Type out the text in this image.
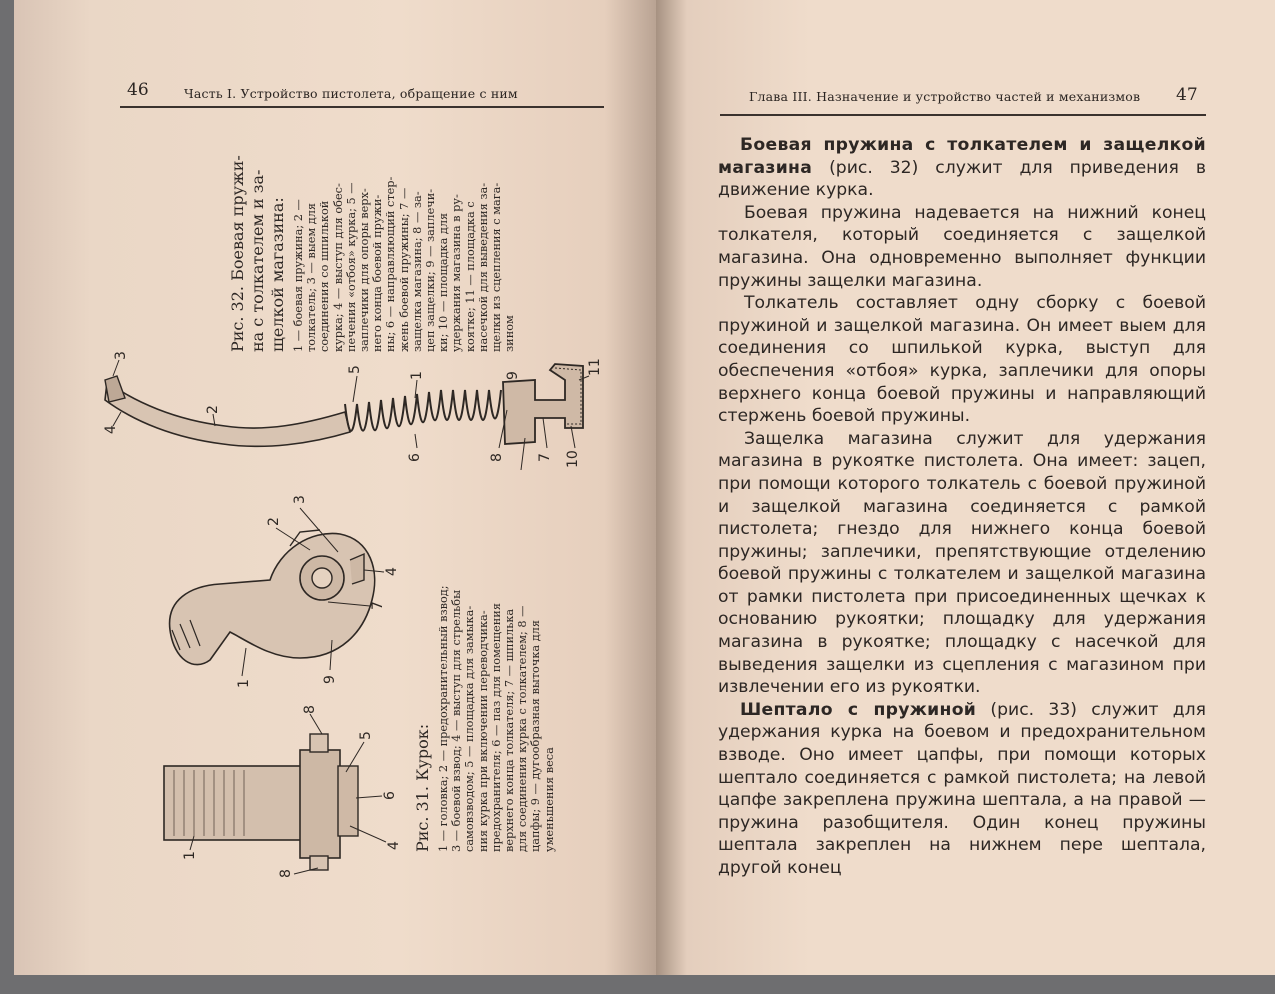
46	Часть I. Устройство пистолета, обращение с ним
3
4
2
5
1
6	8 7 10
9	11
Рис. 32. Боевая пружи- на с толкателем и за- щелкой магазина: 1 — боевая пружина; 2 — толкатель; 3 — выем для соединения со шпилькой курка; 4 — выступ для обес- печения «отбоя» курка; 5 — заплечики для опоры верх- него конца боевой пружи- ны; 6 — направляющий стер- жень боевой пружины; 7 — защелка магазина; 8 — за- цеп защелки; 9 — заплечи- ки; 10 — площадка для удержания магазина в ру- коятке; 11 — площадка с насечкой для выведения за- щелки из сцепления с мага- зином
1
2
3
4
7
9
1
8
5
6
4
8
Рис. 31. Курок: 1 — головка; 2 — предохранительный взвод; 3 — боевой взвод; 4 — выступ для стрельбы самовзводом; 5 — площадка для замыка- ния курка при включении переводчика- предохранителя; 6 — паз для помещения верхнего конца толкателя; 7 — шпилька для соединения курка с толкателем; 8 — цапфы; 9 — дугообразная выточка для уменьшения веса
Глава III. Назначение и устройство частей и механизмов 47

Боевая пружина с толкателем и защелкой магазина (рис. 32) служит для приведения в движение курка.

Боевая пружина надевается на нижний конец толкателя, который соединяется с защелкой магазина. Она одновременно выполняет функции пружины защелки магазина.

Толкатель составляет одну сборку с боевой пружиной и защелкой магазина. Он имеет выем для соединения со шпилькой курка, выступ для обеспечения «отбоя» курка, заплечики для опоры верхнего конца боевой пружины и направляющий стержень боевой пружины.

Защелка магазина служит для удержания магазина в рукоятке пистолета. Она имеет: зацеп, при помощи которого толкатель с боевой пружиной и защелкой магазина соединяется с рамкой пистолета; гнездо для нижнего конца боевой пружины; заплечики, препятствующие отделению боевой пружины с толкателем и защелкой магазина от рамки пистолета при присоединенных щечках к основанию рукоятки; площадку для удержания магазина в рукоятке; площадку с насечкой для выведения защелки из сцепления с магазином при извлечении его из рукоятки.

Шептало с пружиной (рис. 33) служит для удержания курка на боевом и предохранительном взводе. Оно имеет цапфы, при помощи которых шептало соединяется с рамкой пистолета; на левой цапфе закреплена пружина шептала, а на правой — пружина разобщителя. Один конец пружины шептала закреплен на нижнем пере шептала, другой конец
